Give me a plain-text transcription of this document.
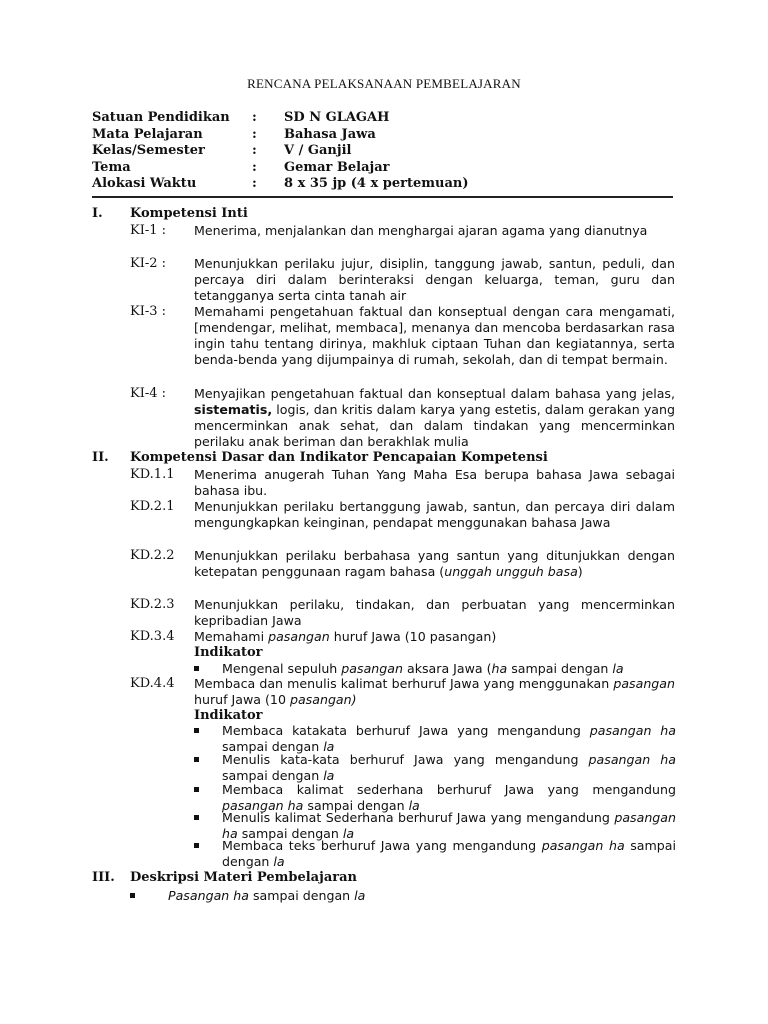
RENCANA PELAKSANAAN PEMBELAJARAN
Satuan Pendidikan : SD N GLAGAH
Mata Pelajaran	: Bahasa Jawa
Kelas/Semester	: V / Ganjil
Tema	: Gemar Belajar
Alokasi Waktu	: 8 x 35 jp (4 x pertemuan)
I. Kompetensi Inti
KI-1 : Menerima, menjalankan dan menghargai ajaran agama yang dianutnya
KI-2 : Menunjukkan perilaku jujur, disiplin, tanggung jawab, santun, peduli, dan percaya diri dalam berinteraksi dengan keluarga, teman, guru dan tetangganya serta cinta tanah air
KI-3 : Memahami pengetahuan faktual dan konseptual dengan cara mengamati, [mendengar, melihat, membaca], menanya dan mencoba berdasarkan rasa ingin tahu tentang dirinya, makhluk ciptaan Tuhan dan kegiatannya, serta benda-benda yang dijumpainya di rumah, sekolah, dan di tempat bermain.
KI-4 : Menyajikan pengetahuan faktual dan konseptual dalam bahasa yang jelas, sistematis, logis, dan kritis dalam karya yang estetis, dalam gerakan yang mencerminkan anak sehat, dan dalam tindakan yang mencerminkan perilaku anak beriman dan berakhlak mulia
II. Kompetensi Dasar dan Indikator Pencapaian Kompetensi
KD.1.1 Menerima anugerah Tuhan Yang Maha Esa berupa bahasa Jawa sebagai bahasa ibu.
KD.2.1 Menunjukkan perilaku bertanggung jawab, santun, dan percaya diri dalam mengungkapkan keinginan, pendapat menggunakan bahasa Jawa
KD.2.2 Menunjukkan perilaku berbahasa yang santun yang ditunjukkan dengan ketepatan penggunaan ragam bahasa (unggah ungguh basa)
KD.2.3 Menunjukkan perilaku, tindakan, dan perbuatan yang mencerminkan kepribadian Jawa
KD.3.4 Memahami pasangan huruf Jawa (10 pasangan)
Indikator
Mengenal sepuluh pasangan aksara Jawa (ha sampai dengan la
KD.4.4 Membaca dan menulis kalimat berhuruf Jawa yang menggunakan pasangan huruf Jawa (10 pasangan)
Indikator
Membaca katakata berhuruf Jawa yang mengandung pasangan ha sampai dengan la
Menulis kata-kata berhuruf Jawa yang mengandung pasangan ha sampai dengan la
Membaca kalimat sederhana berhuruf Jawa yang mengandung pasangan ha sampai dengan la
Menulis kalimat Sederhana berhuruf Jawa yang mengandung pasangan ha sampai dengan la
Membaca teks berhuruf Jawa yang mengandung pasangan ha sampai dengan la
III. Deskripsi Materi Pembelajaran
Pasangan ha sampai dengan la
